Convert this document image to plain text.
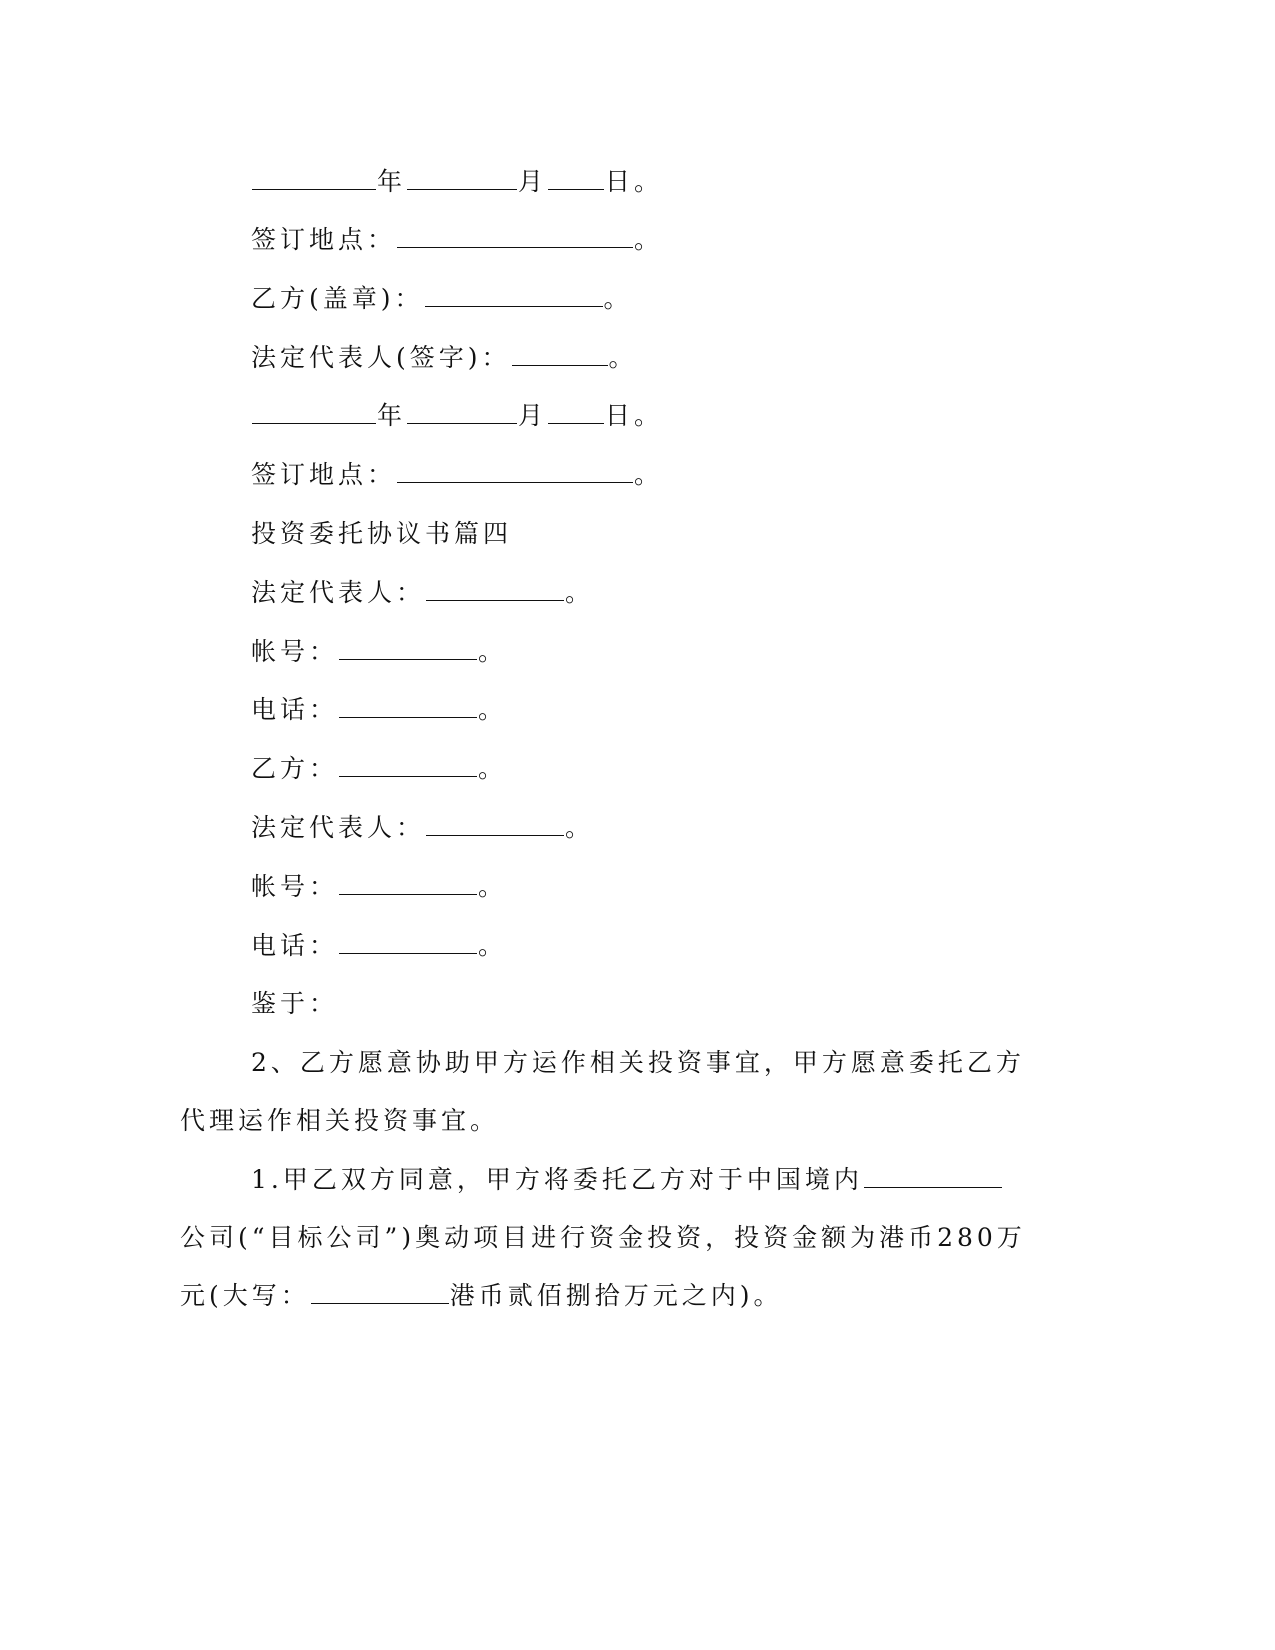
年	月 日。
签订地点：	。
乙方(盖章)：	。
法定代表人(签字)：	。
年	月 日。
签订地点：	。
投资委托协议书篇四
法定代表人：	。
帐号：	。
电话：	。
乙方：	。
法定代表人：	。
帐号：	。
电话：	。
鉴于：
2、乙方愿意协助甲方运作相关投资事宜，甲方愿意委托乙方代理运作相关投资事宜。
1.甲乙双方同意，甲方将委托乙方对于中国境内公司(“目标公司”)奥动项目进行资金投资，投资金额为港币280万元(大写：	港币贰佰捌拾万元之内)。
